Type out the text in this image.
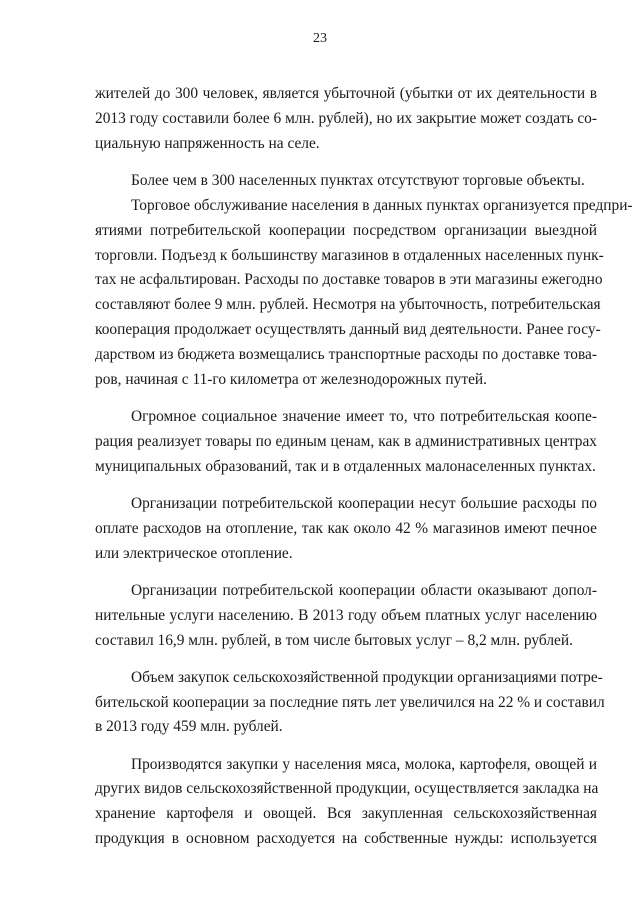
23
жителей до 300 человек, является убыточной (убытки от их деятельности в
2013 году составили более 6 млн. рублей), но их закрытие может создать со-
циальную напряженность на селе.
Более чем в 300 населенных пунктах отсутствуют торговые объекты.
Торговое обслуживание населения в данных пунктах организуется предпри-
ятиями потребительской кооперации посредством организации выездной
торговли. Подъезд к большинству магазинов в отдаленных населенных пунк-
тах не асфальтирован. Расходы по доставке товаров в эти магазины ежегодно
составляют более 9 млн. рублей. Несмотря на убыточность, потребительская
кооперация продолжает осуществлять данный вид деятельности. Ранее госу-
дарством из бюджета возмещались транспортные расходы по доставке това-
ров, начиная с 11-го километра от железнодорожных путей.
Огромное социальное значение имеет то, что потребительская коопе-
рация реализует товары по единым ценам, как в административных центрах
муниципальных образований, так и в отдаленных малонаселенных пунктах.
Организации потребительской кооперации несут большие расходы по
оплате расходов на отопление, так как около 42 % магазинов имеют печное
или электрическое отопление.
Организации потребительской кооперации области оказывают допол-
нительные услуги населению. В 2013 году объем платных услуг населению
составил 16,9 млн. рублей, в том числе бытовых услуг – 8,2 млн. рублей.
Объем закупок сельскохозяйственной продукции организациями потре-
бительской кооперации за последние пять лет увеличился на 22 % и составил
в 2013 году 459 млн. рублей.
Производятся закупки у населения мяса, молока, картофеля, овощей и
других видов сельскохозяйственной продукции, осуществляется закладка на
хранение картофеля и овощей. Вся закупленная сельскохозяйственная
продукция в основном расходуется на собственные нужды: используется
